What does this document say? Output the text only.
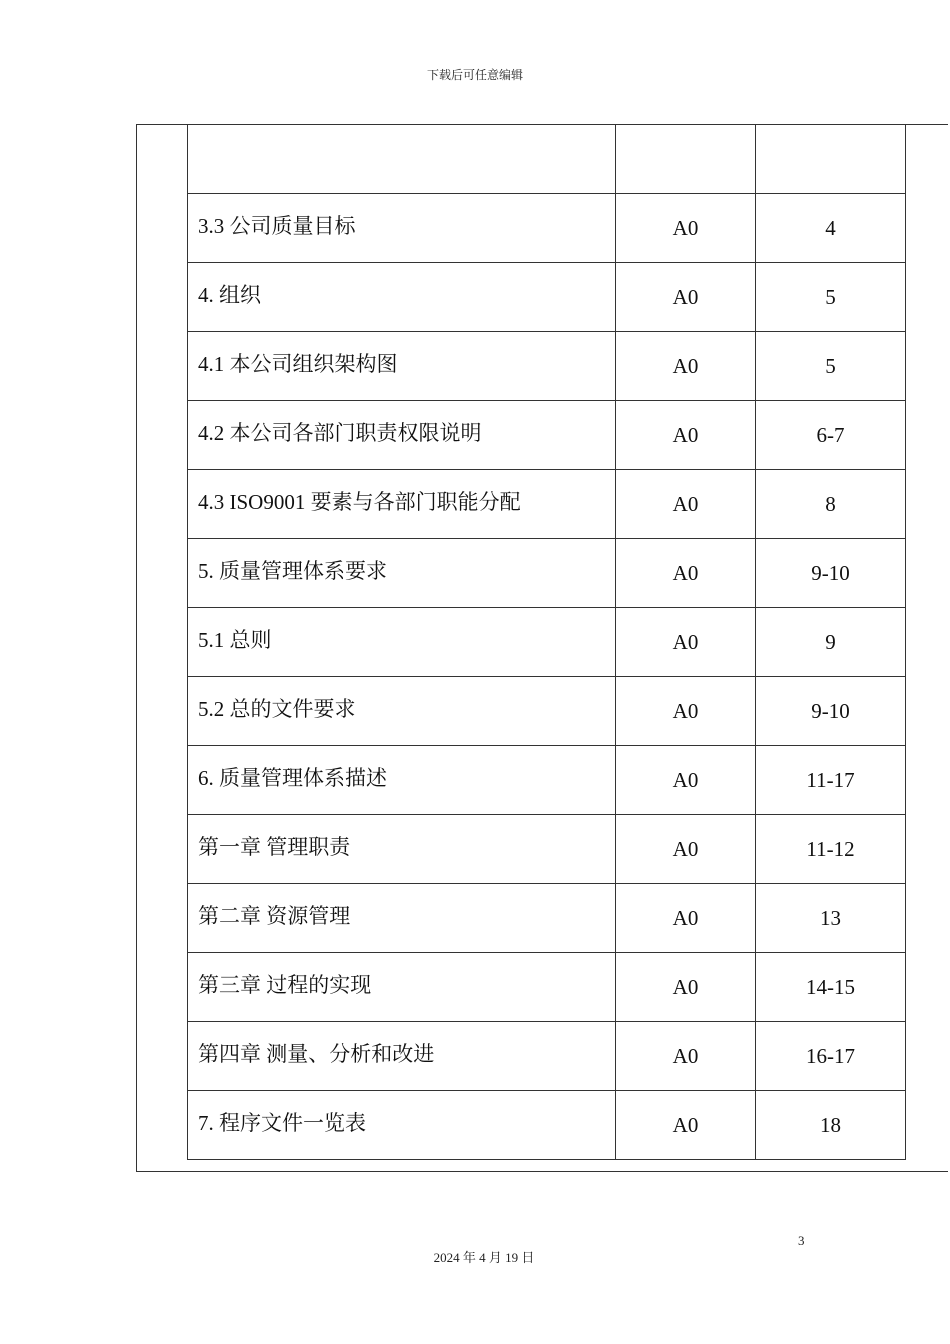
下载后可任意编辑

3.3 公司质量目标	A0	4
4. 组织	A0	5
4.1 本公司组织架构图	A0	5
4.2 本公司各部门职责权限说明	A0	6-7
4.3 ISO9001 要素与各部门职能分配	A0	8
5. 质量管理体系要求	A0	9-10
5.1 总则	A0	9
5.2 总的文件要求	A0	9-10
6. 质量管理体系描述	A0	11-17
第一章 管理职责	A0	11-12
第二章 资源管理	A0	13
第三章 过程的实现	A0	14-15
第四章 测量、分析和改进	A0	16-17
7. 程序文件一览表	A0	18
3
2024 年 4 月 19 日
